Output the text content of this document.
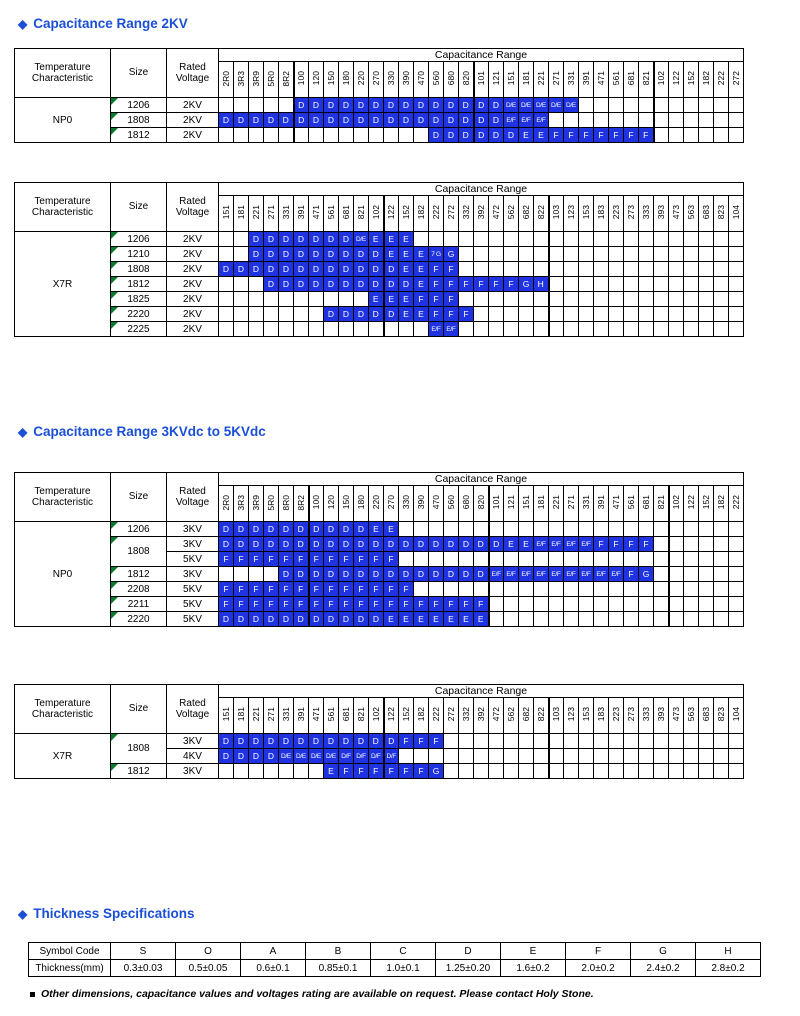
◆ Capacitance Range 2KV
Temperature
Characteristic	Size	Rated
Voltage	Capacitance Range																																		
			2R0	3R3	3R9	5R0	8R2	100	120	150	180	220	270	330	390	470	560	680	820	101	121	151	181	221	271	331	391	471	561	681	821	102	122	152	182	222	272
NP0	1206	2KV						D	D	D	D	D	D	D	D	D	D	D	D	D	D	D/E	D/E	D/E	D/E	D/E											

1808	2KV	D	D	D	D	D	D	D	D	D	D	D	D	D	D	D	D	D	D	D	E/F	E/F	E/F													

1812	2KV															D	D	D	D	D	D	E	E	F	F	F	F	F	F	F						
Temperature
Characteristic	Size	Rated
Voltage	Capacitance Range																																		
			151	181	221	271	331	391	471	561	681	821	102	122	152	182	222	272	332	392	472	562	682	822	103	123	153	183	223	273	333	393	473	563	683	823	104
X7R	1206	2KV			D	D	D	D	D	D	D	D/E	E	E	E																						

1210	2KV			D	D	D	D	D	D	D	D	D	E	E	E	7 G	G																			

1808	2KV	D	D	D	D	D	D	D	D	D	D	D	D	E	E	F	F																			

1812	2KV				D	D	D	D	D	D	D	D	D	D	E	F	F	F	F	F	F	G	H													

1825	2KV											E	E	E	F	F	F																			

2220	2KV								D	D	D	D	D	E	E	F	F	F																		

2225	2KV															E/F	E/F																			
◆ Capacitance Range 3KVdc to 5KVdc
Temperature
Characteristic	Size	Rated
Voltage	Capacitance Range																																		
			2R0	3R3	3R9	5R0	8R0	8R2	100	120	150	180	220	270	330	390	470	560	680	820	101	121	151	181	221	271	331	391	471	561	681	821	102	122	152	182	222
NP0	1206	3KV	D	D	D	D	D	D	D	D	D	D	E	E																							

1808	3KV	D	D	D	D	D	D	D	D	D	D	D	D	D	D	D	D	D	D	D	E	E	E/F	E/F	E/F	E/F	F	F	F	F						
		5KV	F	F	F	F	F	F	F	F	F	F	F	F																							

1812	3KV					D	D	D	D	D	D	D	D	D	D	D	D	D	D	E/F	E/F	E/F	E/F	E/F	E/F	E/F	E/F	E/F	F	G						

2208	5KV	F	F	F	F	F	F	F	F	F	F	F	F	F																						

2211	5KV	F	F	F	F	F	F	F	F	F	F	F	F	F	F	F	F	F	F																	

2220	5KV	D	D	D	D	D	D	D	D	D	D	D	E	E	E	E	E	E	E																	
Temperature
Characteristic	Size	Rated
Voltage	Capacitance Range																																		
			151	181	221	271	331	391	471	561	681	821	102	122	152	182	222	272	332	392	472	562	682	822	103	123	153	183	223	273	333	393	473	563	683	823	104
X7R	1808	3KV	D	D	D	D	D	D	D	D	D	D	D	D	F	F	F																				
		4KV	D	D	D	D	D/E	D/E	D/E	D/E	D/F	D/F	D/F	D/F																							

1812	3KV								E	F	F	F	F	F	F	G																				
◆ Thickness Specifications
Symbol Code	S	O	A	B	C	D	E	F	G	H
Thickness(mm)	0.3±0.03	0.5±0.05	0.6±0.1	0.85±0.1	1.0±0.1	1.25±0.20	1.6±0.2	2.0±0.2	2.4±0.2	2.8±0.2
Other dimensions, capacitance values and voltages rating are available on request. Please contact Holy Stone.
